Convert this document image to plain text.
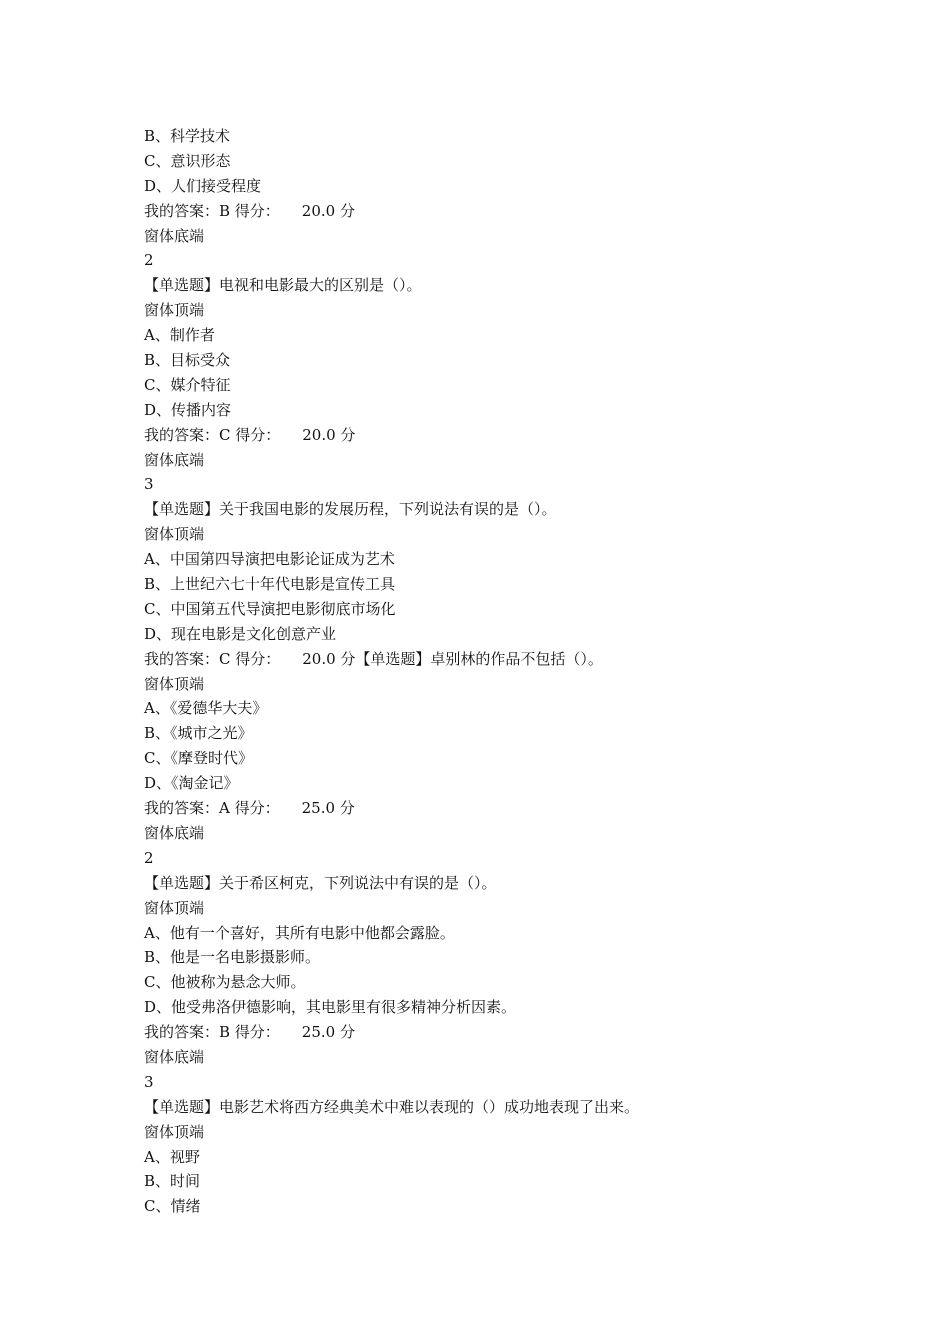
B、科学技术
C、意识形态
D、人们接受程度
我的答案：B 得分： 20.0 分
窗体底端
2
【单选题】电视和电影最大的区别是（）。
窗体顶端
A、制作者
B、目标受众
C、媒介特征
D、传播内容
我的答案：C 得分： 20.0 分
窗体底端
3
【单选题】关于我国电影的发展历程，下列说法有误的是（）。
窗体顶端
A、中国第四导演把电影论证成为艺术
B、上世纪六七十年代电影是宣传工具
C、中国第五代导演把电影彻底市场化
D、现在电影是文化创意产业
我的答案：C 得分： 20.0 分【单选题】卓别林的作品不包括（）。
窗体顶端
A、《爱德华大夫》
B、《城市之光》
C、《摩登时代》
D、《淘金记》
我的答案：A 得分： 25.0 分
窗体底端
2
【单选题】关于希区柯克，下列说法中有误的是（）。
窗体顶端
A、他有一个喜好，其所有电影中他都会露脸。
B、他是一名电影摄影师。
C、他被称为悬念大师。
D、他受弗洛伊德影响，其电影里有很多精神分析因素。
我的答案：B 得分： 25.0 分
窗体底端
3
【单选题】电影艺术将西方经典美术中难以表现的（）成功地表现了出来。
窗体顶端
A、视野
B、时间
C、情绪
